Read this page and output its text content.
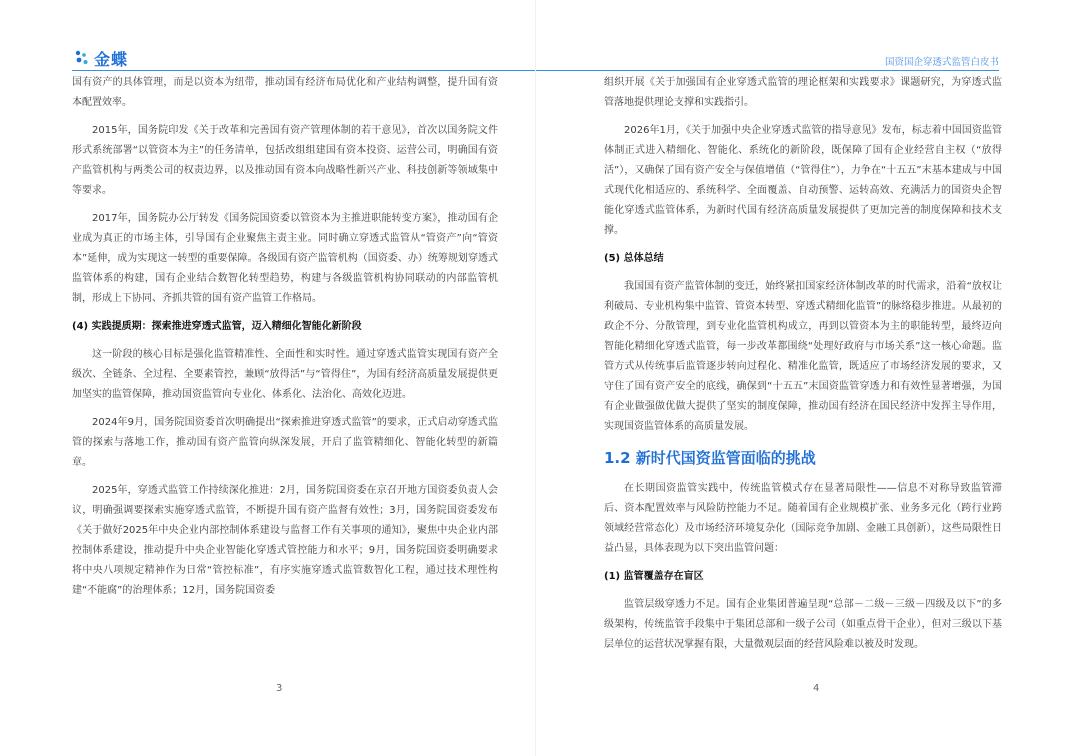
金蝶

国有资产的具体管理，而是以资本为纽带，推动国有经济布局优化和产业结构调整，提升国有资本配置效率。

2015年，国务院印发《关于改革和完善国有资产管理体制的若干意见》，首次以国务院文件形式系统部署“以管资本为主”的任务清单，包括改组组建国有资本投资、运营公司，明确国有资产监管机构与两类公司的权责边界，以及推动国有资本向战略性新兴产业、科技创新等领域集中等要求。

2017年，国务院办公厅转发《国务院国资委以管资本为主推进职能转变方案》，推动国有企业成为真正的市场主体，引导国有企业聚焦主责主业。同时确立穿透式监管从“管资产”向“管资本”延伸，成为实现这一转型的重要保障。各级国有资产监管机构（国资委、办）统筹规划穿透式监管体系的构建，国有企业结合数智化转型趋势，构建与各级监管机构协同联动的内部监管机制，形成上下协同、齐抓共管的国有资产监管工作格局。

(4) 实践提质期：探索推进穿透式监管，迈入精细化智能化新阶段

这一阶段的核心目标是强化监管精准性、全面性和实时性。通过穿透式监管实现国有资产全级次、全链条、全过程、全要素管控，兼顾“放得活”与“管得住”，为国有经济高质量发展提供更加坚实的监管保障，推动国资监管向专业化、体系化、法治化、高效化迈进。

2024年9月，国务院国资委首次明确提出“探索推进穿透式监管”的要求，正式启动穿透式监管的探索与落地工作，推动国有资产监管向纵深发展，开启了监管精细化、智能化转型的新篇章。

2025年，穿透式监管工作持续深化推进：2月，国务院国资委在京召开地方国资委负责人会议，明确强调要探索实施穿透式监管，不断提升国有资产监督有效性；3月，国务院国资委发布《关于做好2025年中央企业内部控制体系建设与监督工作有关事项的通知》，聚焦中央企业内部控制体系建设，推动提升中央企业智能化穿透式管控能力和水平；9月，国务院国资委明确要求将中央八项规定精神作为日常“管控标准”，有序实施穿透式监管数智化工程，通过技术理性构建“不能腐”的治理体系；12月，国务院国资委

3
国资国企穿透式监管白皮书

组织开展《关于加强国有企业穿透式监管的理论框架和实践要求》课题研究，为穿透式监管落地提供理论支撑和实践指引。

2026年1月，《关于加强中央企业穿透式监管的指导意见》发布，标志着中国国资监管体制正式进入精细化、智能化、系统化的新阶段，既保障了国有企业经营自主权（“放得活”），又确保了国有资产安全与保值增值（“管得住”），力争在“十五五”末基本建成与中国式现代化相适应的、系统科学、全面覆盖、自动预警、运转高效、充满活力的国资央企智能化穿透式监管体系，为新时代国有经济高质量发展提供了更加完善的制度保障和技术支撑。

(5) 总体总结

我国国有资产监管体制的变迁，始终紧扣国家经济体制改革的时代需求，沿着“放权让利破局、专业机构集中监管、管资本转型、穿透式精细化监管”的脉络稳步推进。从最初的政企不分、分散管理，到专业化监管机构成立，再到以管资本为主的职能转型，最终迈向智能化精细化穿透式监管，每一步改革都围绕“处理好政府与市场关系”这一核心命题。监管方式从传统事后监管逐步转向过程化、精准化监管，既适应了市场经济发展的要求，又守住了国有资产安全的底线，确保到“十五五”末国资监管穿透力和有效性显著增强，为国有企业做强做优做大提供了坚实的制度保障，推动国有经济在国民经济中发挥主导作用，实现国资监管体系的高质量发展。

1.2 新时代国资监管面临的挑战

在长期国资监管实践中，传统监管模式存在显著局限性——信息不对称导致监管滞后、资本配置效率与风险防控能力不足。随着国有企业规模扩张、业务多元化（跨行业跨领域经营常态化）及市场经济环境复杂化（国际竞争加剧、金融工具创新），这些局限性日益凸显，具体表现为以下突出监管问题：

(1) 监管覆盖存在盲区

监管层级穿透力不足。国有企业集团普遍呈现“总部－二级－三级－四级及以下”的多级架构，传统监管手段集中于集团总部和一级子公司（如重点骨干企业），但对三级以下基层单位的运营状况掌握有限，大量微观层面的经营风险难以被及时发现。

4
